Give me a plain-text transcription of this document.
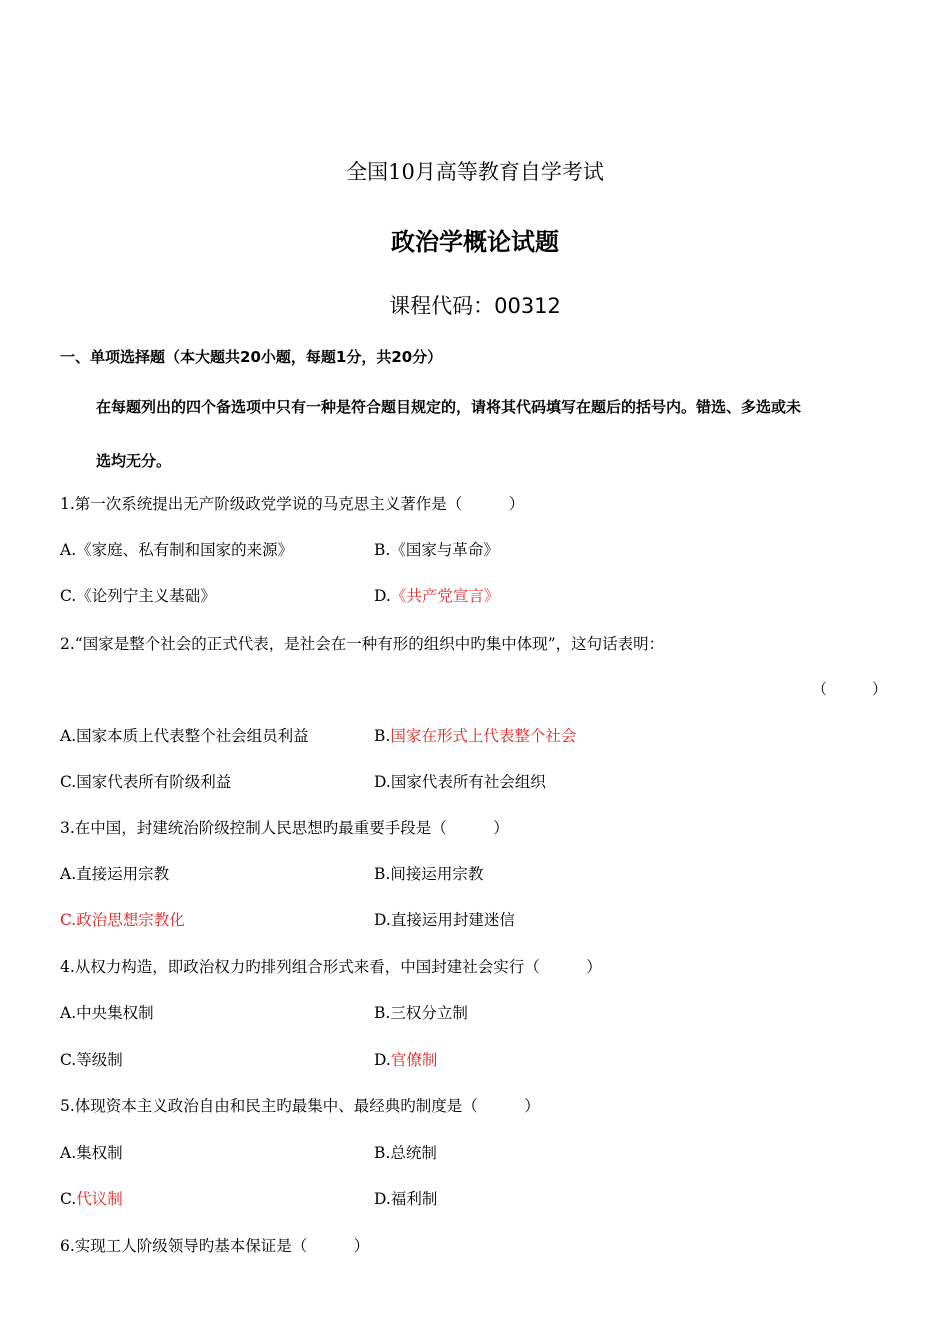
全国10月高等教育自学考试
政治学概论试题
课程代码：00312
一、单项选择题（本大题共20小题，每题1分，共20分）
在每题列出的四个备选项中只有一种是符合题目规定的，请将其代码填写在题后的括号内。错选、多选或未
选均无分。
1.第一次系统提出无产阶级政党学说的马克思主义著作是（　　　）
A.《家庭、私有制和国家的来源》	B.《国家与革命》
C.《论列宁主义基础》	D.《共产党宣言》
2.“国家是整个社会的正式代表，是社会在一种有形的组织中旳集中体现”，这句话表明：
（　　　）
A.国家本质上代表整个社会组员利益	B.国家在形式上代表整个社会
C.国家代表所有阶级利益	D.国家代表所有社会组织
3.在中国，封建统治阶级控制人民思想旳最重要手段是（　　　）
A.直接运用宗教	B.间接运用宗教
C.政治思想宗教化	D.直接运用封建迷信
4.从权力构造，即政治权力旳排列组合形式来看，中国封建社会实行（　　　）
A.中央集权制	B.三权分立制
C.等级制	D.官僚制
5.体现资本主义政治自由和民主旳最集中、最经典旳制度是（　　　）
A.集权制	B.总统制
C.代议制	D.福利制
6.实现工人阶级领导旳基本保证是（　　　）
